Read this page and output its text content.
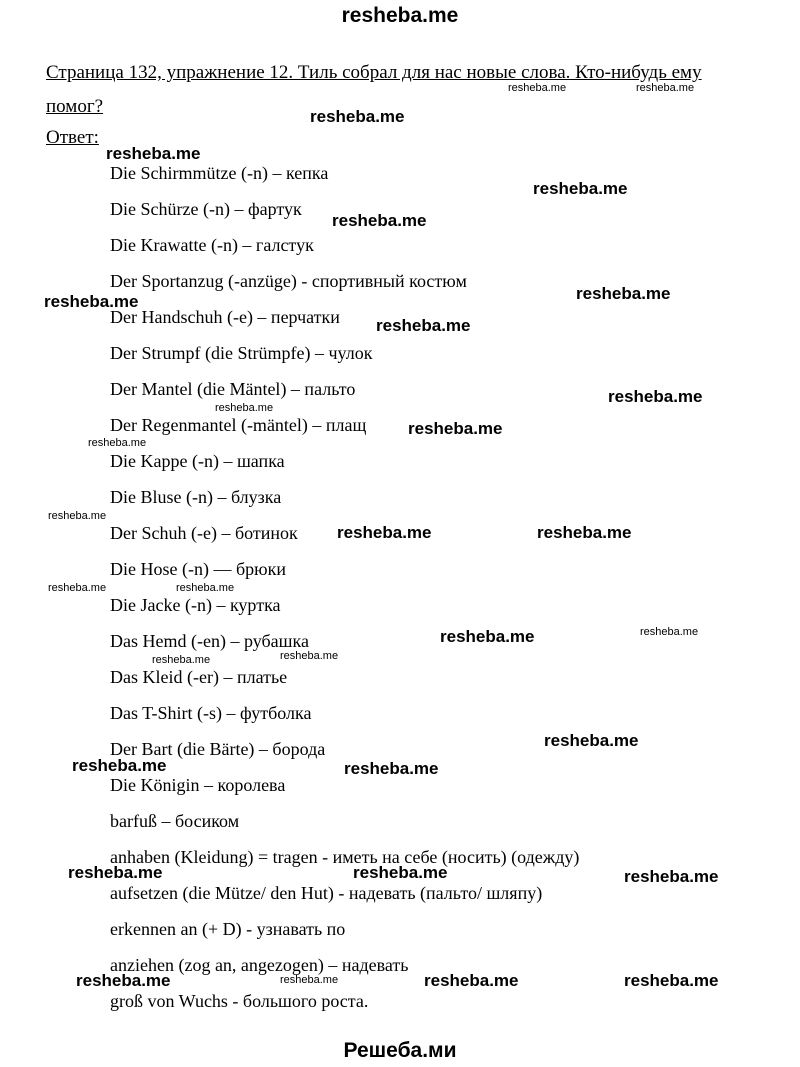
resheba.me
Страница 132, упражнение 12. Тиль собрал для нас новые слова. Кто-нибудь ему помог?
Ответ:
Die Schirmmütze (-n) – кепка
Die Schürze (-n) – фартук
Die Krawatte (-n) – галстук
Der Sportanzug (-anzüge) - спортивный костюм
Der Handschuh (-e) – перчатки
Der Strumpf (die Strümpfe) – чулок
Der Mantel (die Mäntel) – пальто
Der Regenmantel (-mäntel) – плащ
Die Kappe (-n) – шапка
Die Bluse (-n) – блузка
Der Schuh (-e) – ботинок
Die Hose (-n) — брюки
Die Jacke (-n) – куртка
Das Hemd (-en) – рубашка
Das Kleid (-er) – платье
Das T-Shirt (-s) – футболка
Der Bart (die Bärte) – борода
Die Königin – королева
barfuß – босиком
anhaben (Kleidung) = tragen - иметь на себе (носить) (одежду)
aufsetzen (die Mütze/ den Hut) - надевать (пальто/ шляпу)
erkennen an (+ D) - узнавать по
anziehen (zog an, angezogen) – надевать
groß von Wuchs - большого роста.
resheba.me
resheba.me
resheba.me
resheba.me
resheba.me	resheba.me
resheba.me
resheba.me
resheba.me
resheba.me	resheba.me
resheba.me
resheba.me
resheba.me	resheba.me
resheba.me	resheba.me	resheba.me
resheba.me	resheba.me	resheba.me
resheba.me	resheba.me
resheba.me
resheba.me
resheba.me
resheba.me	resheba.me
resheba.me
resheba.me
resheba.me
resheba.me
Решеба.ми
